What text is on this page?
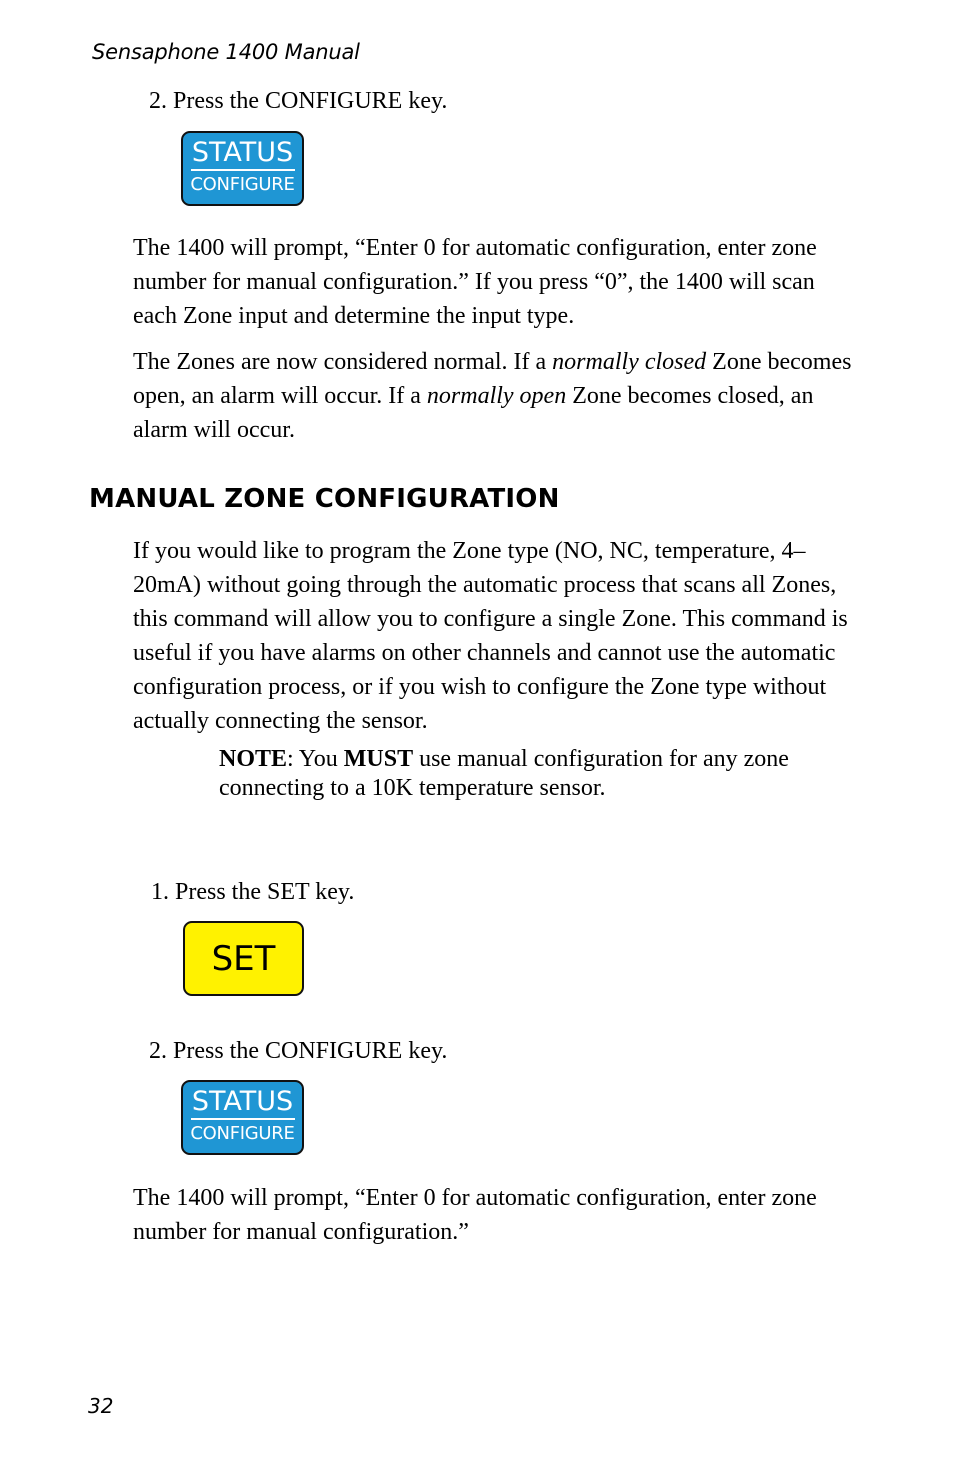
Sensaphone 1400 Manual
2. Press the CONFIGURE key.
STATUS
CONFIGURE

The 1400 will prompt, “Enter 0 for automatic configuration, enter zone number for manual configuration.” If you press “0”, the 1400 will scan each Zone input and determine the input type.

The Zones are now considered normal. If a normally closed Zone becomes open, an alarm will occur. If a normally open Zone becomes closed, an alarm will occur.

MANUAL ZONE CONFIGURATION

If you would like to program the Zone type (NO, NC, temperature, 4–20mA) without going through the automatic process that scans all Zones, this command will allow you to configure a single Zone. This command is useful if you have alarms on other channels and cannot use the automatic configuration process, or if you wish to configure the Zone type without actually connecting the sensor.

NOTE: You MUST use manual configuration for any zone connecting to a 10K temperature sensor.
1. Press the SET key.
SET
2. Press the CONFIGURE key.
STATUS
CONFIGURE

The 1400 will prompt, “Enter 0 for automatic configuration, enter zone number for manual configuration.”

32
